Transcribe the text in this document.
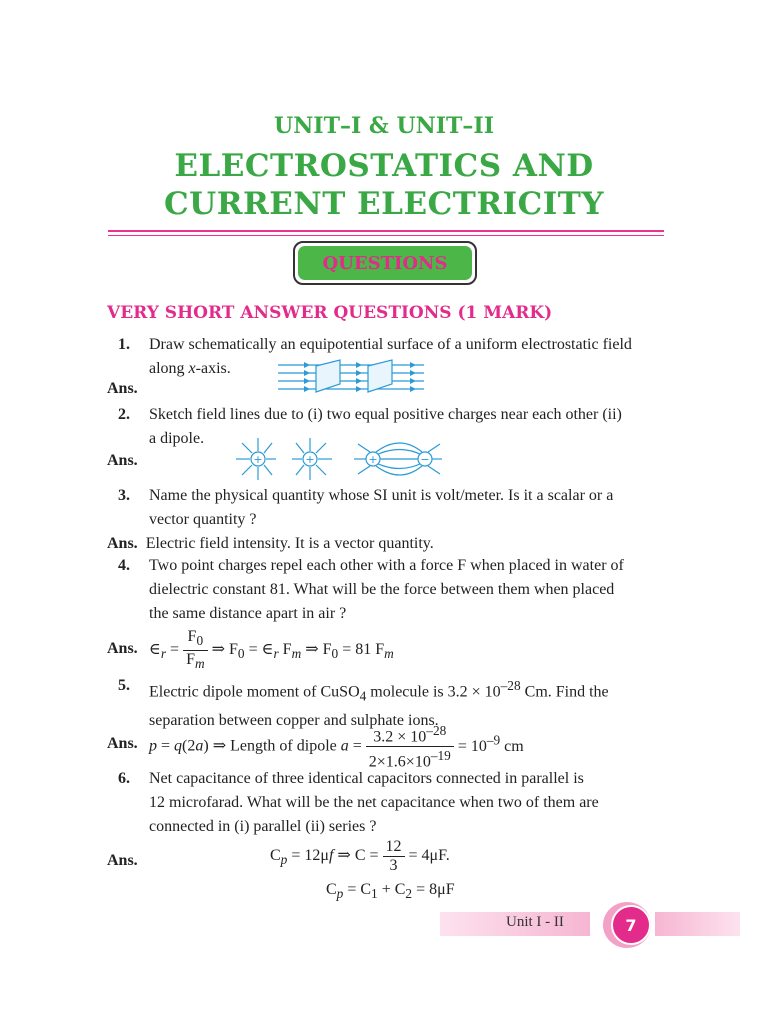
UNIT–I & UNIT–II
ELECTROSTATICS AND
CURRENT ELECTRICITY
QUESTIONS
VERY SHORT ANSWER QUESTIONS (1 MARK)
1. Draw schematically an equipotential surface of a uniform electrostatic field
along x-axis.
Ans.
2. Sketch field lines due to (i) two equal positive charges near each other (ii)
a dipole.
Ans.	+	+	+	−
3. Name the physical quantity whose SI unit is volt/meter. Is it a scalar or a
vector quantity ?
Ans. Electric field intensity. It is a vector quantity.
4. Two point charges repel each other with a force F when placed in water of
dielectric constant 81. What will be the force between them when placed
the same distance apart in air ?
Ans. $\in_r = \frac{F_0}{F_m}$ ⇒ $F_0$ = $\in_r$ $F_m$ ⇒ $F_0 = 81$ $F_m$
5. Electric dipole moment of CuSO$_4$ molecule is $3.2 \times 10^{-28}$ Cm. Find the
separation between copper and sulphate ions.
Ans. p = q(2a) ⇒ Length of dipole $a = \frac{3.2 \times 10^{-28}}{2\times 1.6\times 10^{-19}} = 10^{-9}$ cm
6. Net capacitance of three identical capacitors connected in parallel is
12 microfarad. What will be the net capacitance when two of them are
connected in (i) parallel (ii) series ?
Ans.	$C_p = 12\mu f$ ⇒ $C = \frac{12}{3} = 4\mu F$.
$C_p = C_1 + C_2 = 8\mu F$
Unit I - II	7
